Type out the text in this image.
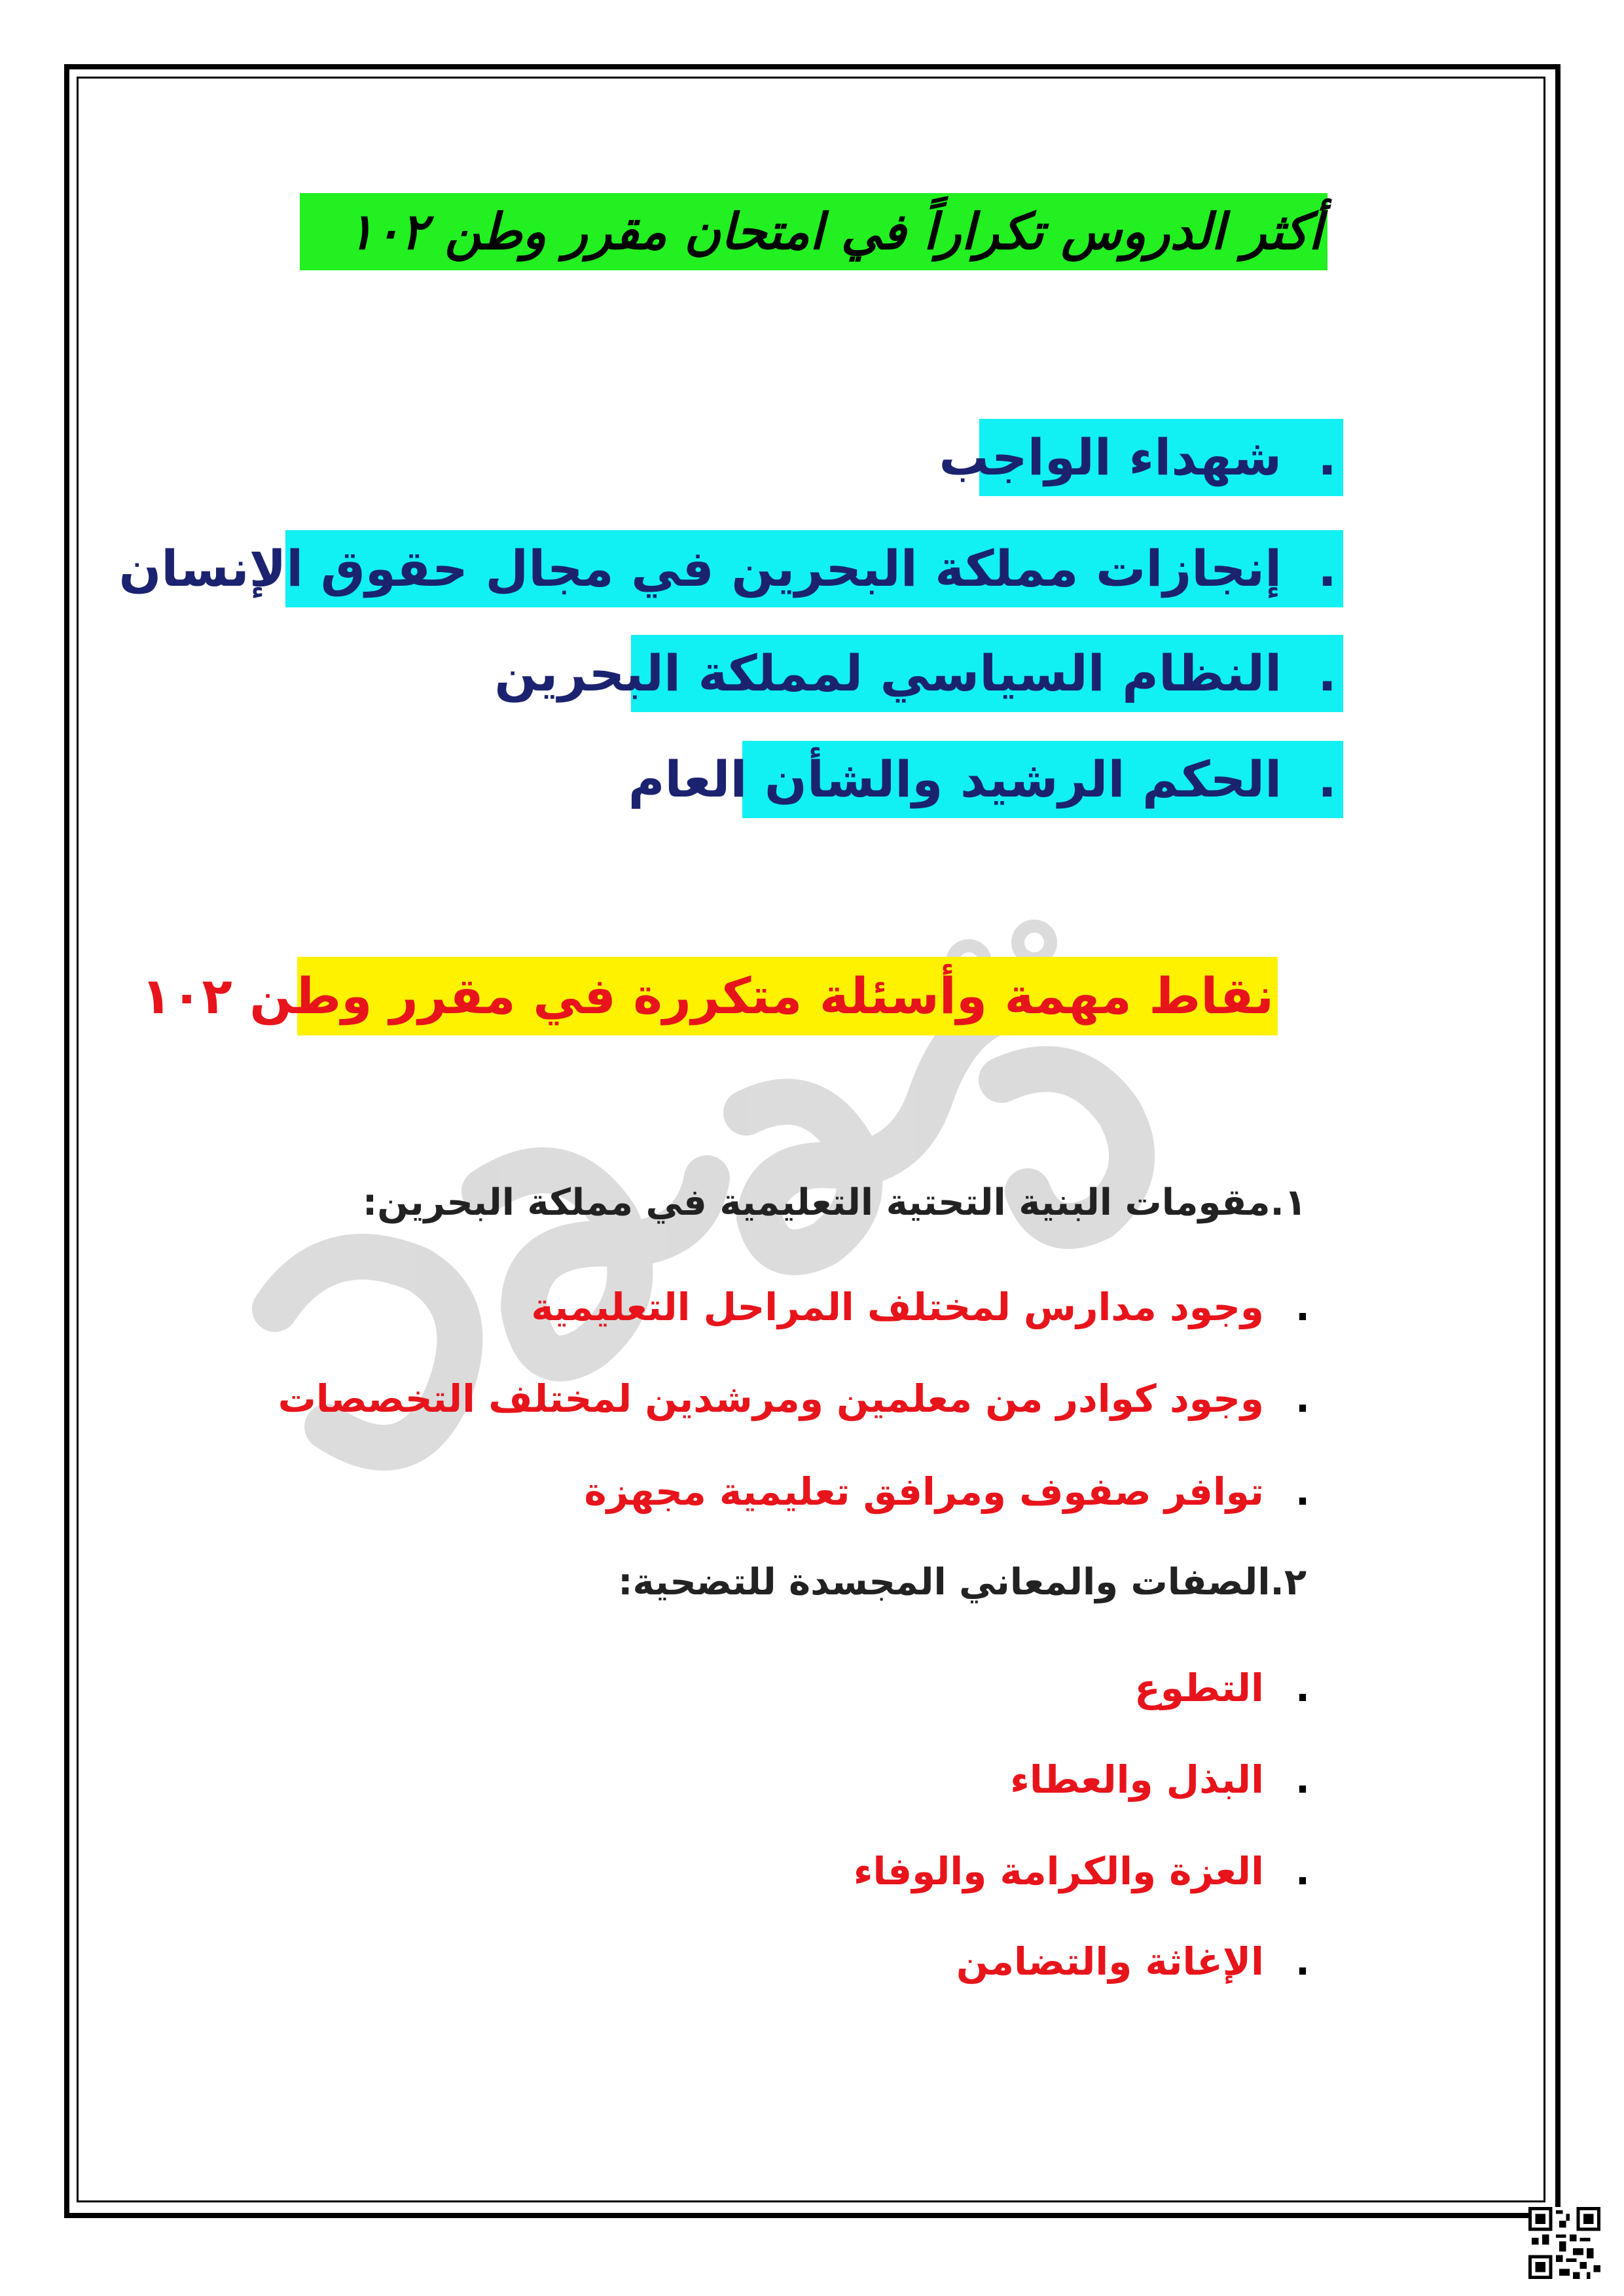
أكثر الدروس تكراراً في امتحان مقرر وطن ١٠٢
.
شهداء الواجب
.
إنجازات مملكة البحرين في مجال حقوق الإنسان
.
النظام السياسي لمملكة البحرين
.
الحكم الرشيد والشأن العام
نقاط مهمة وأسئلة متكررة في مقرر وطن ١٠٢
١.مقومات البنية التحتية التعليمية في مملكة البحرين:
.وجود مدارس لمختلف المراحل التعليمية
.وجود كوادر من معلمين ومرشدين لمختلف التخصصات
.توافر صفوف ومرافق تعليمية مجهزة
٢.الصفات والمعاني المجسدة للتضحية:
.التطوع
.البذل والعطاء
.العزة والكرامة والوفاء
.الإغاثة والتضامن
